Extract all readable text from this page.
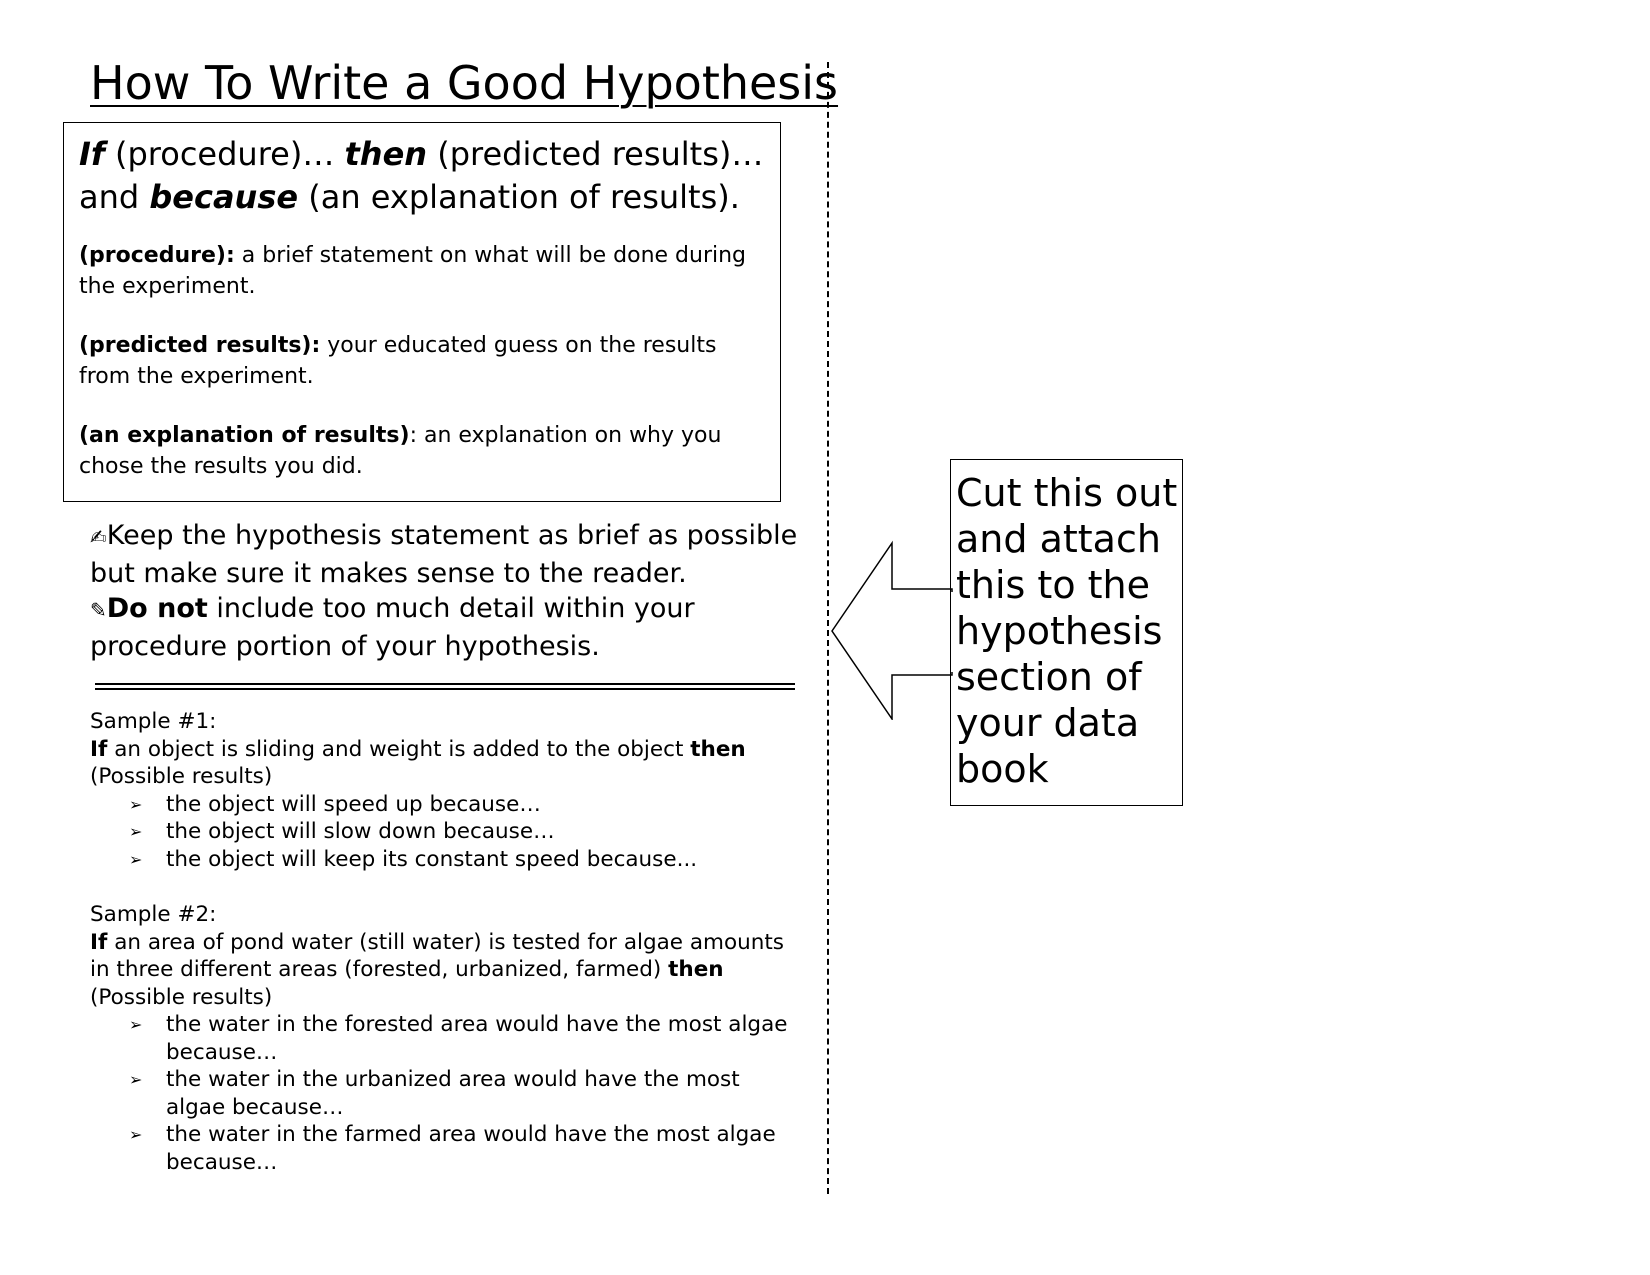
How To Write a Good Hypothesis

If (procedure)… then (predicted results)… and because (an explanation of results).

(procedure): a brief statement on what will be done during the experiment.

(predicted results): your educated guess on the results from the experiment.

(an explanation of results): an explanation on why you chose the results you did.

✍Keep the hypothesis statement as brief as possible but make sure it makes sense to the reader.

✎Do not include too much detail within your procedure portion of your hypothesis.

Sample #1:

If an object is sliding and weight is added to the object then

(Possible results)

➢ the object will speed up because…
➢ the object will slow down because…
➢ the object will keep its constant speed because...

Sample #2:

If an area of pond water (still water) is tested for algae amounts in three different areas (forested, urbanized, farmed) then

(Possible results)

➢ the water in the forested area would have the most algae because…
➢ the water in the urbanized area would have the most algae because…
➢ the water in the farmed area would have the most algae because…
Cut this out and attach this to the hypothesis section of your data book
